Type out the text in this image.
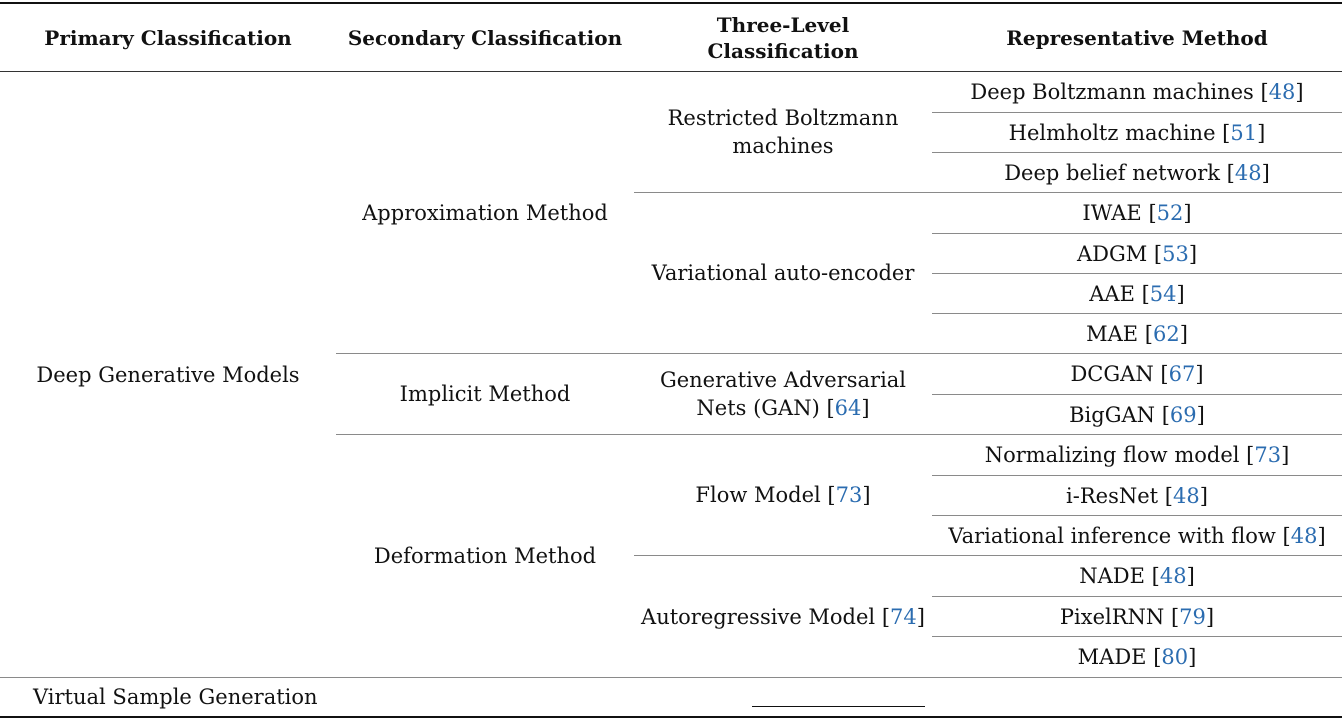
Primary Classification	Secondary Classification
Three-Level
Classification
Representative Method
Deep Generative Models
Virtual Sample Generation
Approximation Method
Implicit Method
Deformation Method
Restricted Boltzmann
machines
Variational auto-encoder
Generative Adversarial
Nets (GAN) [64]
Flow Model [ 73 ]
Autoregressive Model [ 74 ]
Deep Boltzmann machines [ 48 ]
Helmholtz machine [ 51 ]
Deep belief network [ 48 ]
IWAE [ 52 ]
ADGM [ 53 ]
AAE [ 54 ]
MAE [ 62 ]
DCGAN [ 67 ]
BigGAN [ 69 ]
Normalizing flow model [ 73 ]
i-ResNet [ 48 ]
Variational inference with flow [ 48 ]
NADE [ 48 ]
PixelRNN [ 79 ]
MADE [ 80 ]
